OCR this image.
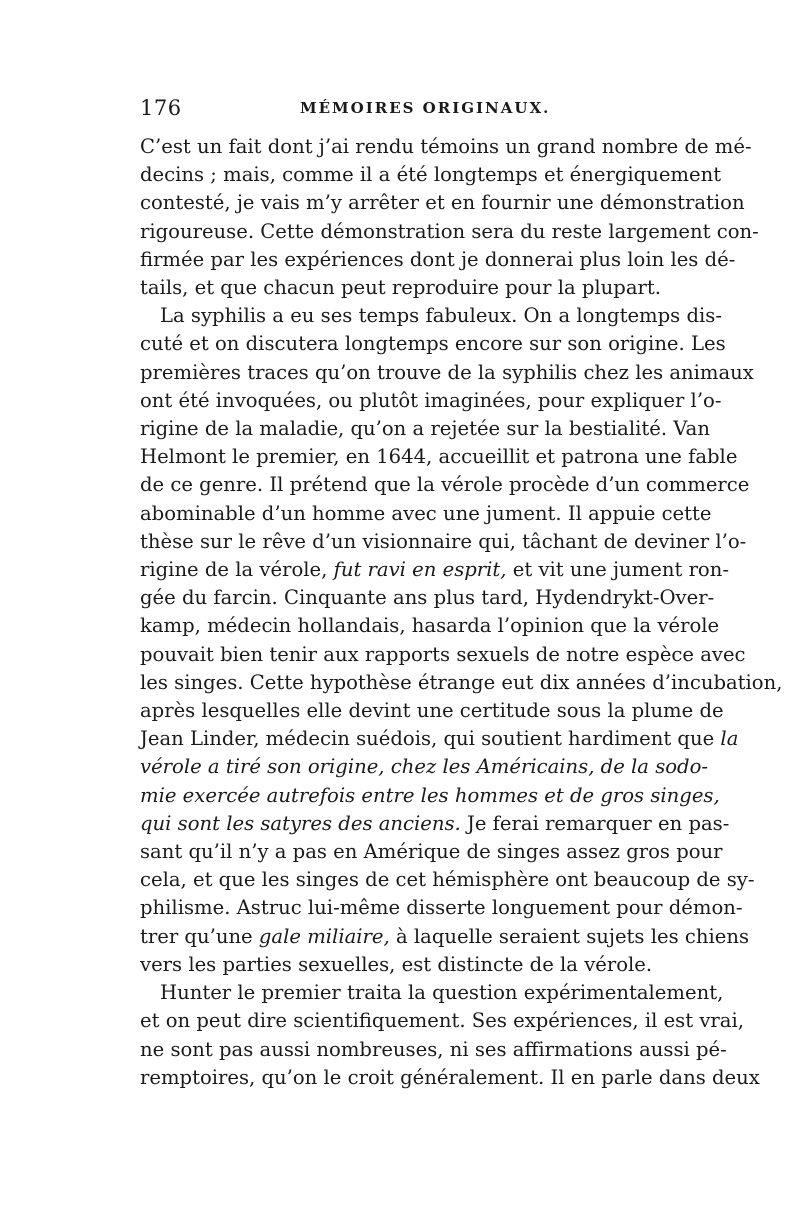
176	MÉMOIRES ORIGINAUX.
C’est un fait dont j’ai rendu témoins un grand nombre de mé-
decins ; mais, comme il a été longtemps et énergiquement
contesté, je vais m’y arrêter et en fournir une démonstration
rigoureuse. Cette démonstration sera du reste largement con-
firmée par les expériences dont je donnerai plus loin les dé-
tails, et que chacun peut reproduire pour la plupart.
La syphilis a eu ses temps fabuleux. On a longtemps dis-
cuté et on discutera longtemps encore sur son origine. Les
premières traces qu’on trouve de la syphilis chez les animaux
ont été invoquées, ou plutôt imaginées, pour expliquer l’o-
rigine de la maladie, qu’on a rejetée sur la bestialité. Van
Helmont le premier, en 1644, accueillit et patrona une fable
de ce genre. Il prétend que la vérole procède d’un commerce
abominable d’un homme avec une jument. Il appuie cette
thèse sur le rêve d’un visionnaire qui, tâchant de deviner l’o-
rigine de la vérole, fut ravi en esprit, et vit une jument ron-
gée du farcin. Cinquante ans plus tard, Hydendrykt-Over-
kamp, médecin hollandais, hasarda l’opinion que la vérole
pouvait bien tenir aux rapports sexuels de notre espèce avec
les singes. Cette hypothèse étrange eut dix années d’incubation,
après lesquelles elle devint une certitude sous la plume de
Jean Linder, médecin suédois, qui soutient hardiment que la
vérole a tiré son origine, chez les Américains, de la sodo-
mie exercée autrefois entre les hommes et de gros singes,
qui sont les satyres des anciens. Je ferai remarquer en pas-
sant qu’il n’y a pas en Amérique de singes assez gros pour
cela, et que les singes de cet hémisphère ont beaucoup de sy-
philisme. Astruc lui-même disserte longuement pour démon-
trer qu’une gale miliaire, à laquelle seraient sujets les chiens
vers les parties sexuelles, est distincte de la vérole.
Hunter le premier traita la question expérimentalement,
et on peut dire scientifiquement. Ses expériences, il est vrai,
ne sont pas aussi nombreuses, ni ses affirmations aussi pé-
remptoires, qu’on le croit généralement. Il en parle dans deux
